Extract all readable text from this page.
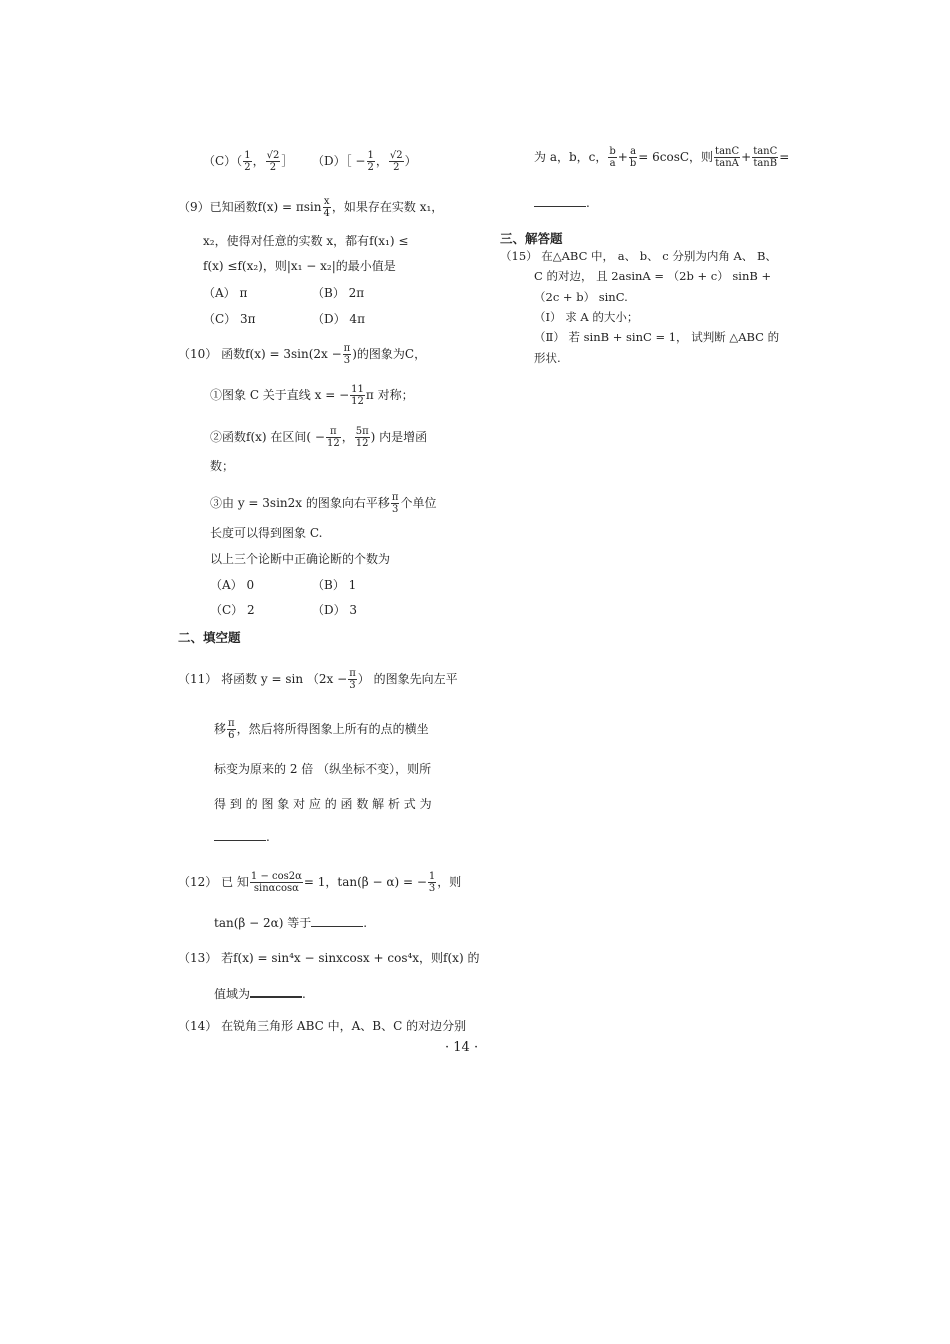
$(C)( \frac{1}{2}$ ， $\frac{√2}{2}$ ］ （D）［ − $\frac{1}{2}$ ， $\frac{√2}{2}$ ）
（9）已知函数f(x) = πsin $\frac{x}{4}$ ，如果存在实数 x₁，
x₂，使得对任意的实数 x，都有f(x₁) ≤
f(x) ≤f(x₂)，则|x₁ − x₂|的最小值是
（A） π	（B） 2π
（C） 3π	（D） 4π
（10） 函数$f(x) = 3\sin(2x - \frac{\pi}{3}$ )的图象为C，
①图象 C 关于直线 x = − $\frac{11}{12}$ π 对称；
②函数f(x) 在区间( − $\frac{\pi}{12}$ ， $\frac{5\pi}{12}$ ) 内是增函
数；
③由 y = 3sin2x 的图象向右平移 $\frac{\pi}{3}$ 个单位
长度可以得到图象 C.
以上三个论断中正确论断的个数为
（A） 0	（B） 1
（C） 2	（D） 3
二、填空题
（11） 将函数 $y = \sin (2x - \frac{\pi}{3}$ ） 的图象先向左平
移 $\frac{\pi}{6}$ ，然后将所得图象上所有的点的横坐
标变为原来的 2 倍 （纵坐标不变），则所
得 到 的 图 象 对 应 的 函 数 解 析 式 为
.
（12） 已 知 $\frac{1 - \cos 2\alpha}{\sin\alpha\cos\alpha} = 1$，tan(β − α) = − $\frac{1}{3}$ ，则
tan(β − 2α) 等于	.
（13） 若f(x) = sin⁴x − sinxcosx + cos⁴x，则f(x) 的
值域为	.
（14） 在锐角三角形 ABC 中，A、B、C 的对边分别
为 a，b，c， $\frac{b}{a} + \frac{a}{b} = 6\cos C$，则 $\frac{\tan C}{\tan A} + \frac{\tan C}{\tan B}$ =
.
三、解答题
（15） 在△ABC 中， a、 b、 c 分别为内角 A、 B、
C 的对边， 且 2asinA = （2b + c） sinB +
（2c + b） sinC.
（Ⅰ） 求 A 的大小；
（Ⅱ） 若 sinB + sinC = 1， 试判断 △ABC 的
形状.
· 14 ·
